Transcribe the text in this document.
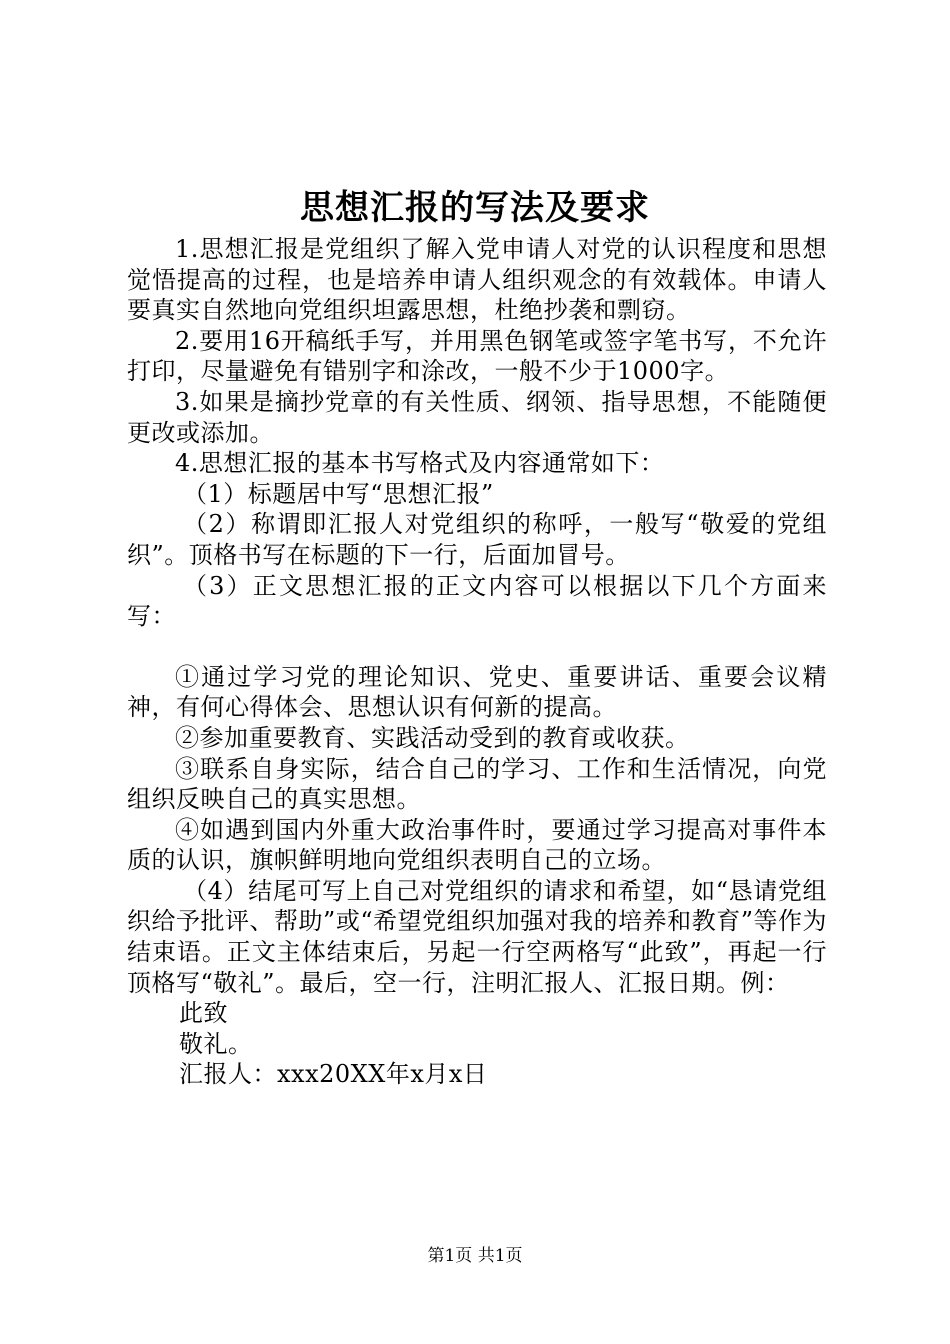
思想汇报的写法及要求

1.思想汇报是党组织了解入党申请人对党的认识程度和思想觉悟提高的过程，也是培养申请人组织观念的有效载体。申请人要真实自然地向党组织坦露思想，杜绝抄袭和剽窃。

2.要用16开稿纸手写，并用黑色钢笔或签字笔书写，不允许打印，尽量避免有错别字和涂改，一般不少于1000字。

3.如果是摘抄党章的有关性质、纲领、指导思想，不能随便更改或添加。

4.思想汇报的基本书写格式及内容通常如下：

（1）标题居中写“思想汇报”

（2）称谓即汇报人对党组织的称呼，一般写“敬爱的党组织”。顶格书写在标题的下一行，后面加冒号。

（3）正文思想汇报的正文内容可以根据以下几个方面来写：

①通过学习党的理论知识、党史、重要讲话、重要会议精神，有何心得体会、思想认识有何新的提高。

②参加重要教育、实践活动受到的教育或收获。

③联系自身实际，结合自己的学习、工作和生活情况，向党组织反映自己的真实思想。

④如遇到国内外重大政治事件时，要通过学习提高对事件本质的认识，旗帜鲜明地向党组织表明自己的立场。

（4）结尾可写上自己对党组织的请求和希望，如“恳请党组织给予批评、帮助”或“希望党组织加强对我的培养和教育”等作为结束语。正文主体结束后，另起一行空两格写“此致”，再起一行顶格写“敬礼”。最后，空一行，注明汇报人、汇报日期。例：

此致

敬礼。

汇报人：xxx20XX年x月x日

第1页 共1页
